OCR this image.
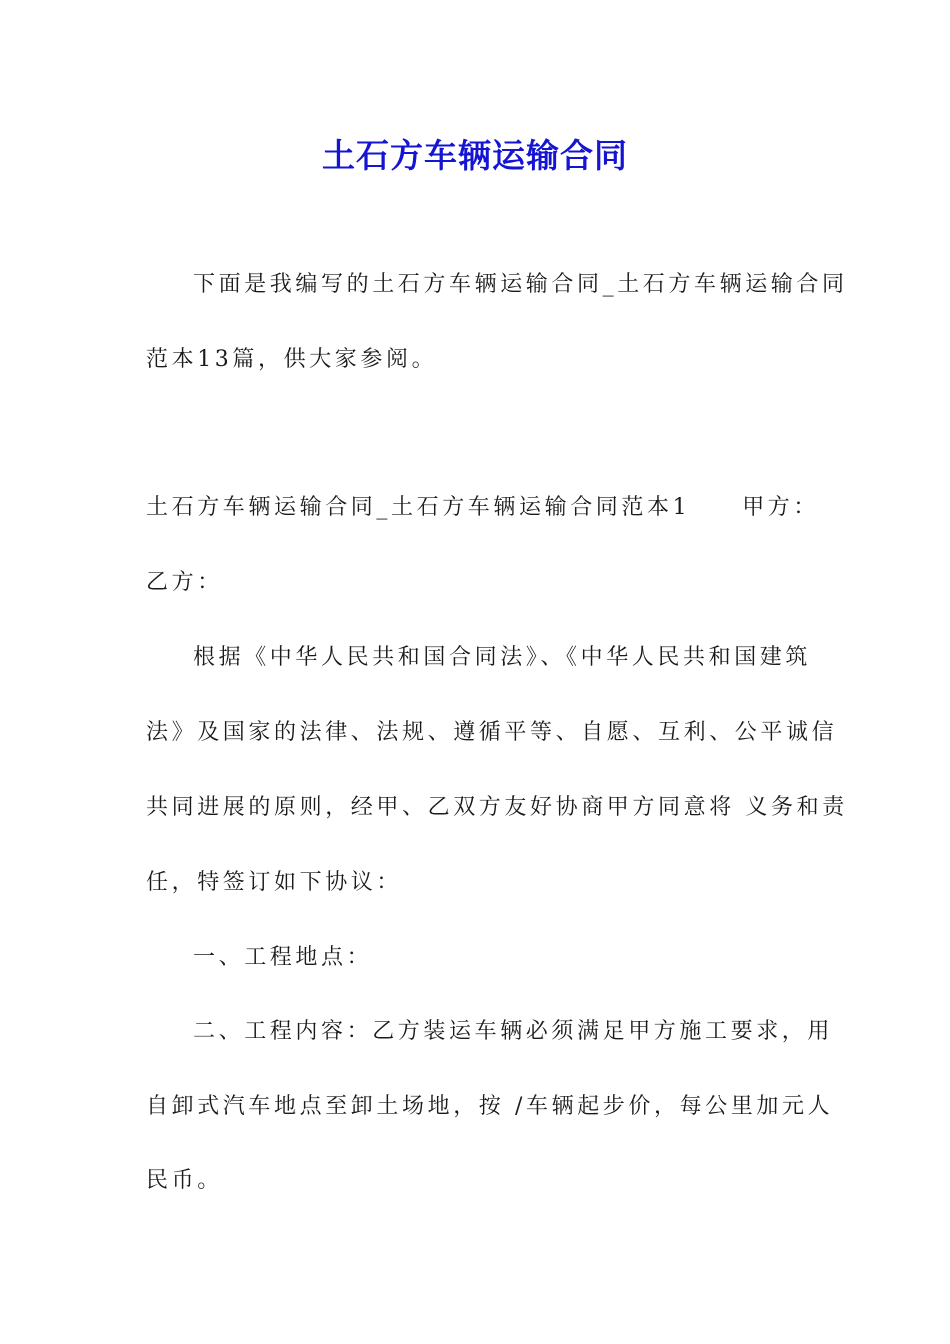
土石方车辆运输合同
下面是我编写的土石方车辆运输合同_土石方车辆运输合同
范本13篇，供大家参阅。
土石方车辆运输合同_土石方车辆运输合同范本1 甲方：
乙方：
根据《中华人民共和国合同法》、《中华人民共和国建筑
法》及国家的法律、法规、遵循平等、自愿、互利、公平诚信
共同进展的原则，经甲、乙双方友好协商甲方同意将 义务和责
任，特签订如下协议：
一、工程地点：
二、工程内容：乙方装运车辆必须满足甲方施工要求，用
自卸式汽车地点至卸土场地，按 /车辆起步价，每公里加元人
民币。
